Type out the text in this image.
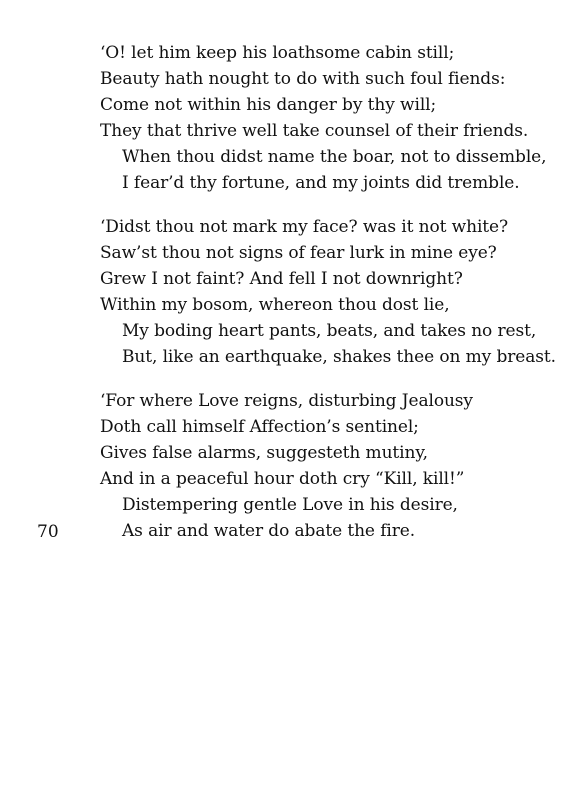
‘O! let him keep his loathsome cabin still;
Beauty hath nought to do with such foul fiends:
Come not within his danger by thy will;
They that thrive well take counsel of their friends.
When thou didst name the boar, not to dissemble,
I fear’d thy fortune, and my joints did tremble.
‘Didst thou not mark my face? was it not white?
Saw’st thou not signs of fear lurk in mine eye?
Grew I not faint? And fell I not downright?
Within my bosom, whereon thou dost lie,
My boding heart pants, beats, and takes no rest,
But, like an earthquake, shakes thee on my breast.
‘For where Love reigns, disturbing Jealousy
Doth call himself Affection’s sentinel;
Gives false alarms, suggesteth mutiny,
And in a peaceful hour doth cry “Kill, kill!”
Distempering gentle Love in his desire,
As air and water do abate the fire.
70
